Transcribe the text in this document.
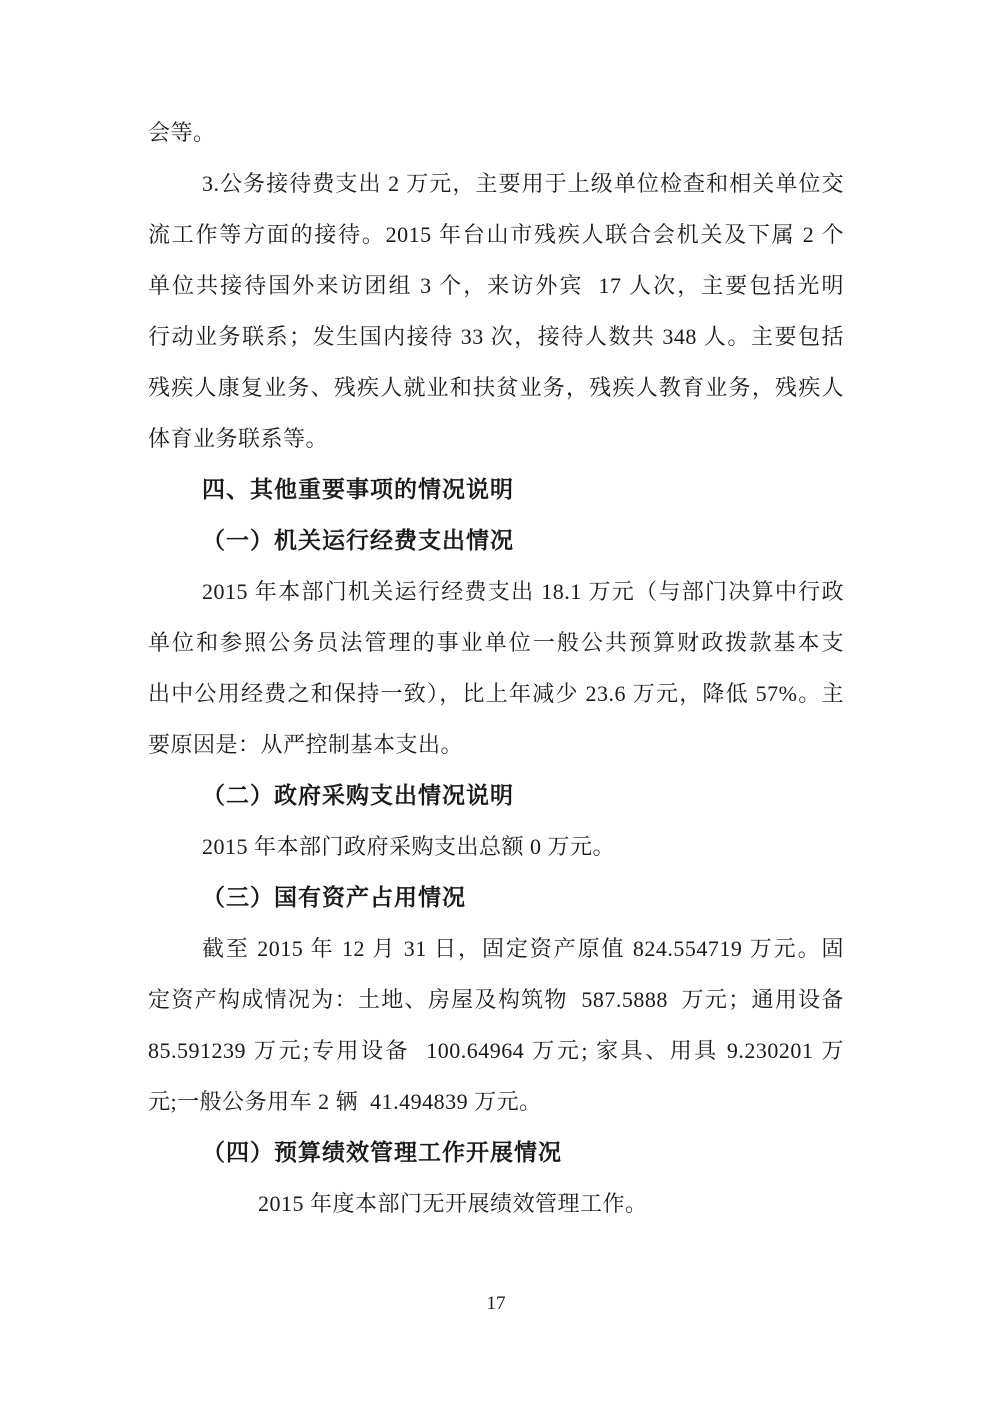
会等。
3.公务接待费支出 2 万元，主要用于上级单位检查和相关单位交
流工作等方面的接待。2015 年台山市残疾人联合会机关及下属 2 个
单位共接待国外来访团组 3 个，来访外宾  17 人次，主要包括光明
行动业务联系；发生国内接待 33 次，接待人数共 348 人。主要包括
残疾人康复业务、残疾人就业和扶贫业务，残疾人教育业务，残疾人
体育业务联系等。
四、其他重要事项的情况说明
（一）机关运行经费支出情况
2015 年本部门机关运行经费支出 18.1 万元（与部门决算中行政
单位和参照公务员法管理的事业单位一般公共预算财政拨款基本支
出中公用经费之和保持一致），比上年减少 23.6 万元，降低 57%。主
要原因是：从严控制基本支出。
（二）政府采购支出情况说明
2015 年本部门政府采购支出总额 0 万元。
（三）国有资产占用情况
截至 2015 年 12 月 31 日，固定资产原值 824.554719 万元。固
定资产构成情况为：土地、房屋及构筑物  587.5888  万元；通用设备
85.591239 万元;专用设备  100.64964 万元; 家具、用具 9.230201 万
元;一般公务用车 2 辆  41.494839 万元。
（四）预算绩效管理工作开展情况
2015 年度本部门无开展绩效管理工作。
17
